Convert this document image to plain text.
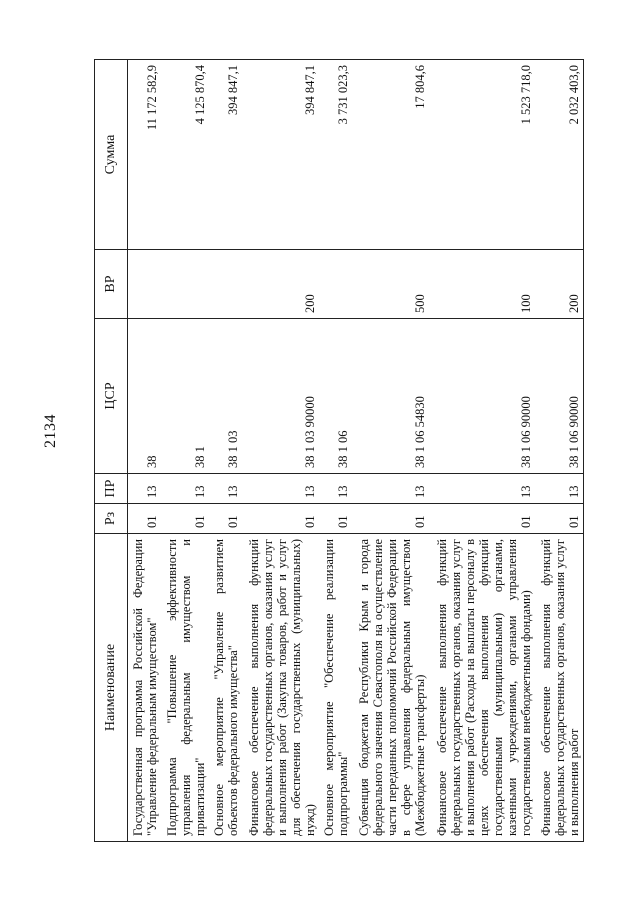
2134
Наименование	Рз	ПР	ЦСР	ВР	Сумма
Государственная программа Российской Федерации "Управление федеральным имуществом"	01	13	38		11 172 582,9
Подпрограмма "Повышение эффективности управления федеральным имуществом и приватизации"	01	13	38 1		4 125 870,4
Основное мероприятие "Управление развитием объектов федерального имущества"	01	13	38 1 03		394 847,1
Финансовое обеспечение выполнения функций федеральных государственных органов, оказания услуг и выполнения работ (Закупка товаров, работ и услуг для обеспечения государственных (муниципальных) нужд)	01	13	38 1 03 90000	200	394 847,1
Основное мероприятие "Обеспечение реализации подпрограммы"	01	13	38 1 06		3 731 023,3
Субвенция бюджетам Республики Крым и города федерального значения Севастополя на осуществление части переданных полномочий Российской Федерации в сфере управления федеральным имуществом (Межбюджетные трансферты)	01	13	38 1 06 54830	500	17 804,6
Финансовое обеспечение выполнения функций федеральных государственных органов, оказания услуг и выполнения работ (Расходы на выплаты персоналу в целях обеспечения выполнения функций государственными (муниципальными) органами, казенными учреждениями, органами управления государственными внебюджетными фондами)	01	13	38 1 06 90000	100	1 523 718,0
Финансовое обеспечение выполнения функций федеральных государственных органов, оказания услуг и выполнения работ	01	13	38 1 06 90000	200	2 032 403,0
